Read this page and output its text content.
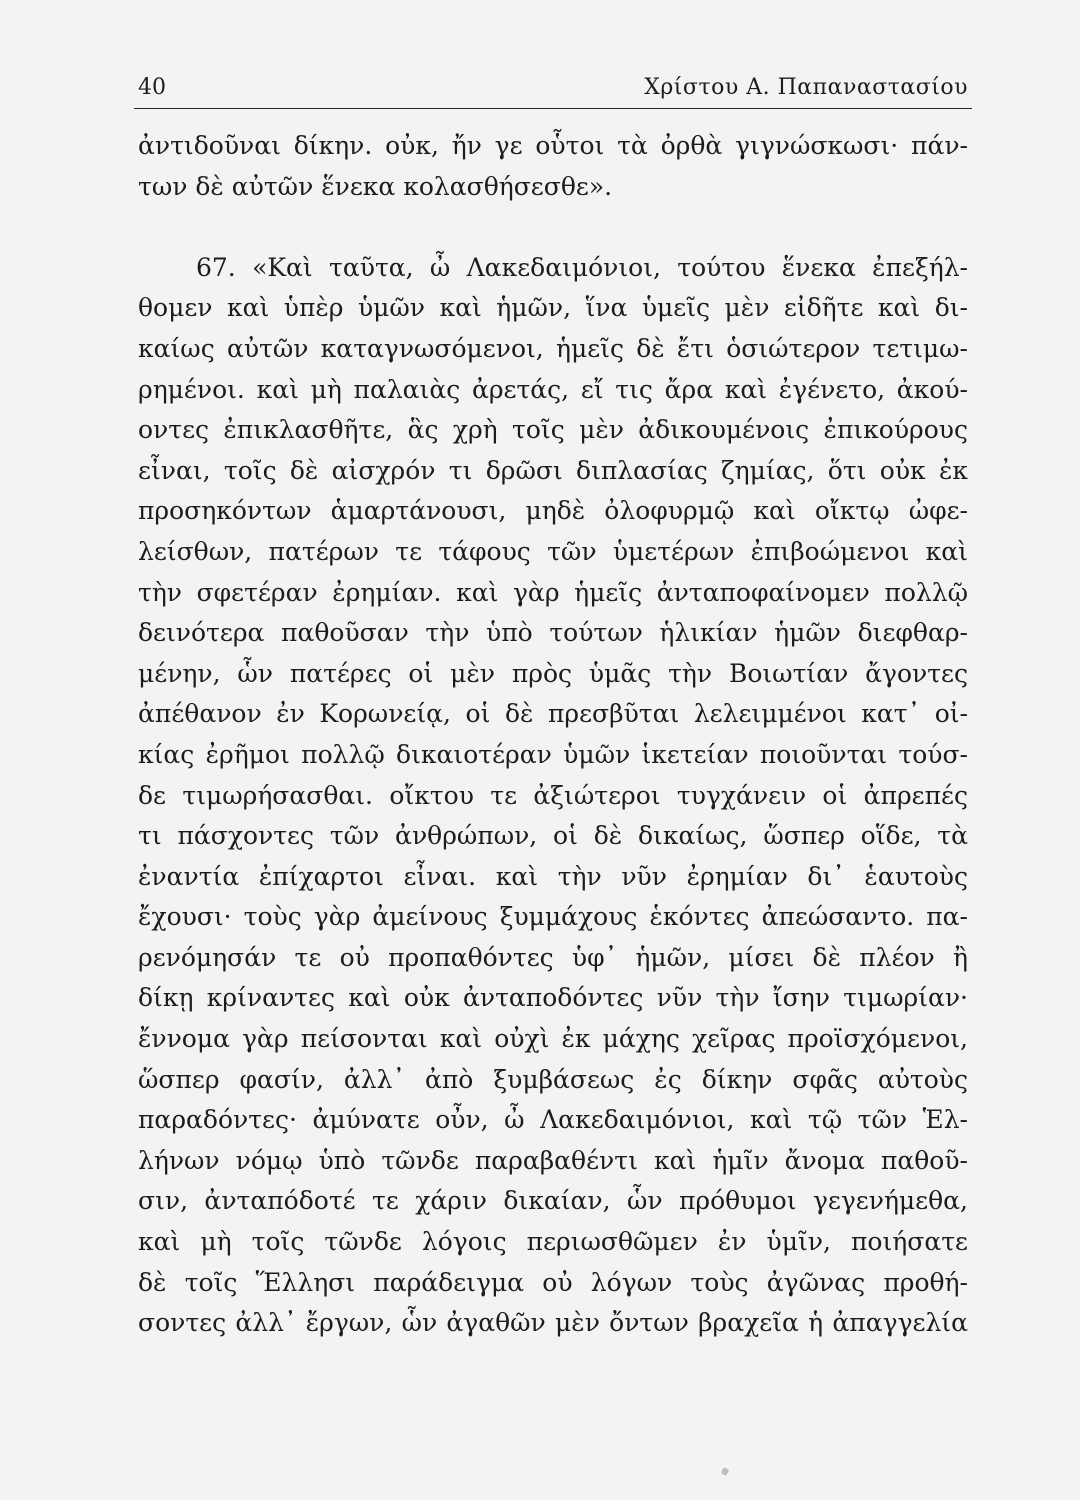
40	Χρίστου Α. Παπαναστασίου
ἀντιδοῦναι δίκην. οὐκ, ἤν γε οὗτοι τὰ ὀρθὰ γιγνώσκωσι· πάν-
των δὲ αὐτῶν ἕνεκα κολασθήσεσθε».
67. «Καὶ ταῦτα, ὦ Λακεδαιμόνιοι, τούτου ἕνεκα ἐπεξήλ-
θομεν καὶ ὑπὲρ ὑμῶν καὶ ἡμῶν, ἵνα ὑμεῖς μὲν εἰδῆτε καὶ δι-
καίως αὐτῶν καταγνωσόμενοι, ἡμεῖς δὲ ἔτι ὁσιώτερον τετιμω-
ρημένοι. καὶ μὴ παλαιὰς ἀρετάς, εἴ τις ἄρα καὶ ἐγένετο, ἀκού-
οντες ἐπικλασθῆτε, ἃς χρὴ τοῖς μὲν ἀδικουμένοις ἐπικούρους
εἶναι, τοῖς δὲ αἰσχρόν τι δρῶσι διπλασίας ζημίας, ὅτι οὐκ ἐκ
προσηκόντων ἁμαρτάνουσι, μηδὲ ὀλοφυρμῷ καὶ οἴκτῳ ὠφε-
λείσθων, πατέρων τε τάφους τῶν ὑμετέρων ἐπιβοώμενοι καὶ
τὴν σφετέραν ἐρημίαν. καὶ γὰρ ἡμεῖς ἀνταποφαίνομεν πολλῷ
δεινότερα παθοῦσαν τὴν ὑπὸ τούτων ἡλικίαν ἡμῶν διεφθαρ-
μένην, ὧν πατέρες οἱ μὲν πρὸς ὑμᾶς τὴν Βοιωτίαν ἄγοντες
ἀπέθανον ἐν Κορωνείᾳ, οἱ δὲ πρεσβῦται λελειμμένοι κατ᾽ οἰ-
κίας ἐρῆμοι πολλῷ δικαιοτέραν ὑμῶν ἱκετείαν ποιοῦνται τούσ-
δε τιμωρήσασθαι. οἴκτου τε ἀξιώτεροι τυγχάνειν οἱ ἀπρεπές
τι πάσχοντες τῶν ἀνθρώπων, οἱ δὲ δικαίως, ὥσπερ οἵδε, τὰ
ἐναντία ἐπίχαρτοι εἶναι. καὶ τὴν νῦν ἐρημίαν δι᾽ ἑαυτοὺς
ἔχουσι· τοὺς γὰρ ἀμείνους ξυμμάχους ἑκόντες ἀπεώσαντο. πα-
ρενόμησάν τε οὐ προπαθόντες ὑφ᾽ ἡμῶν, μίσει δὲ πλέον ἢ
δίκῃ κρίναντες καὶ οὐκ ἀνταποδόντες νῦν τὴν ἴσην τιμωρίαν·
ἔννομα γὰρ πείσονται καὶ οὐχὶ ἐκ μάχης χεῖρας προϊσχόμενοι,
ὥσπερ φασίν, ἀλλ᾽ ἀπὸ ξυμβάσεως ἐς δίκην σφᾶς αὐτοὺς
παραδόντες· ἀμύνατε οὖν, ὦ Λακεδαιμόνιοι, καὶ τῷ τῶν Ἑλ-
λήνων νόμῳ ὑπὸ τῶνδε παραβαθέντι καὶ ἡμῖν ἄνομα παθοῦ-
σιν, ἀνταπόδοτέ τε χάριν δικαίαν, ὧν πρόθυμοι γεγενήμεθα,
καὶ μὴ τοῖς τῶνδε λόγοις περιωσθῶμεν ἐν ὑμῖν, ποιήσατε
δὲ τοῖς Ἕλλησι παράδειγμα οὐ λόγων τοὺς ἀγῶνας προθή-
σοντες ἀλλ᾽ ἔργων, ὧν ἀγαθῶν μὲν ὄντων βραχεῖα ἡ ἀπαγγελία
